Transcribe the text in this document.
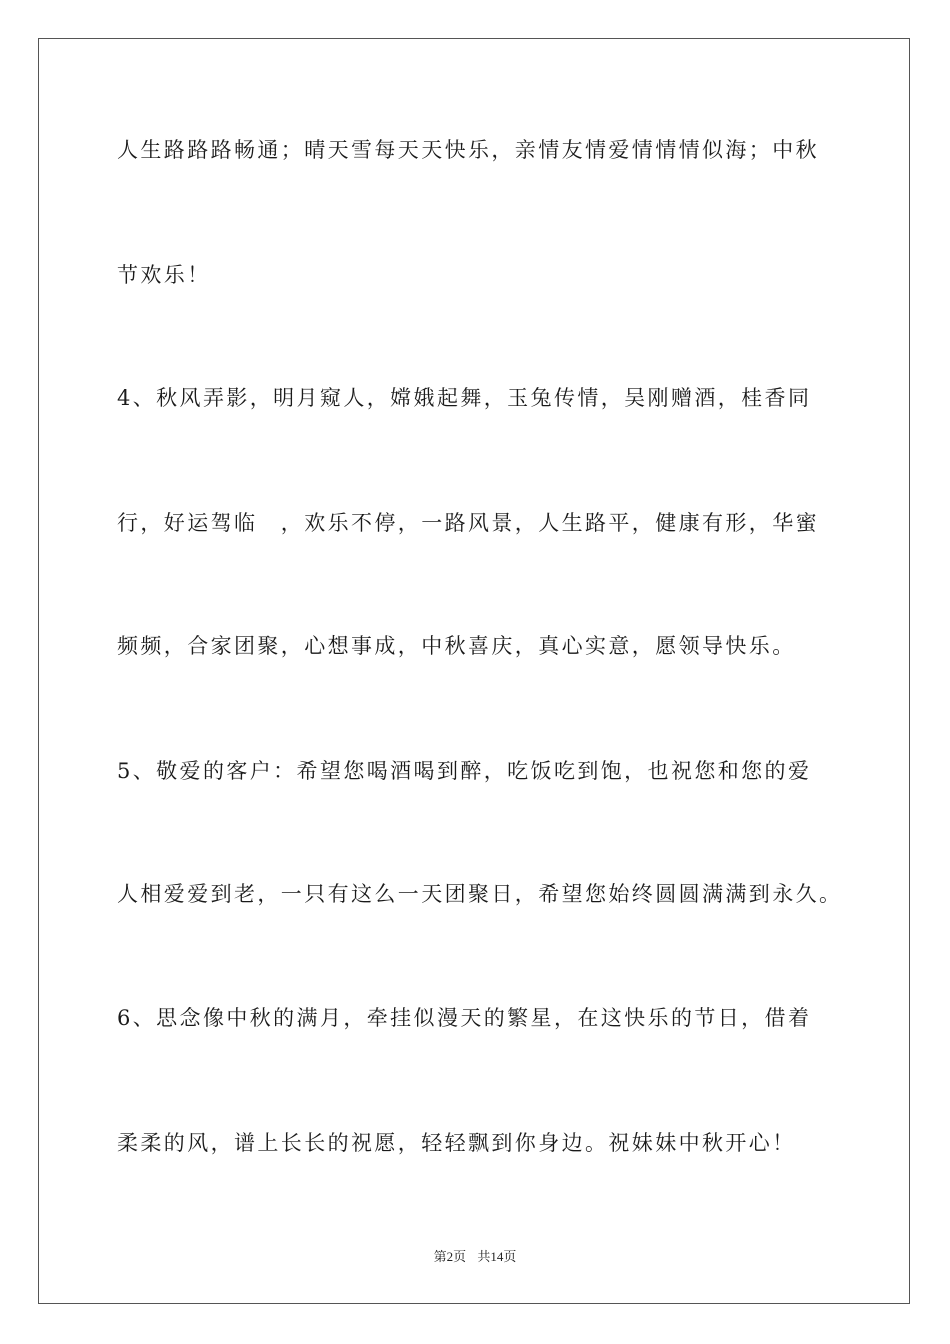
人生路路路畅通；晴天雪每天天快乐，亲情友情爱情情情似海；中秋
节欢乐！
4、秋风弄影，明月窥人，嫦娥起舞，玉兔传情，吴刚赠酒，桂香同
行，好运驾临　，欢乐不停，一路风景，人生路平，健康有形，华蜜
频频，合家团聚，心想事成，中秋喜庆，真心实意，愿领导快乐。
5、敬爱的客户：希望您喝酒喝到醉，吃饭吃到饱，也祝您和您的爱
人相爱爱到老，一只有这么一天团聚日，希望您始终圆圆满满到永久。
6、思念像中秋的满月，牵挂似漫天的繁星，在这快乐的节日，借着
柔柔的风，谱上长长的祝愿，轻轻飘到你身边。祝妹妹中秋开心！
第2页 共14页
